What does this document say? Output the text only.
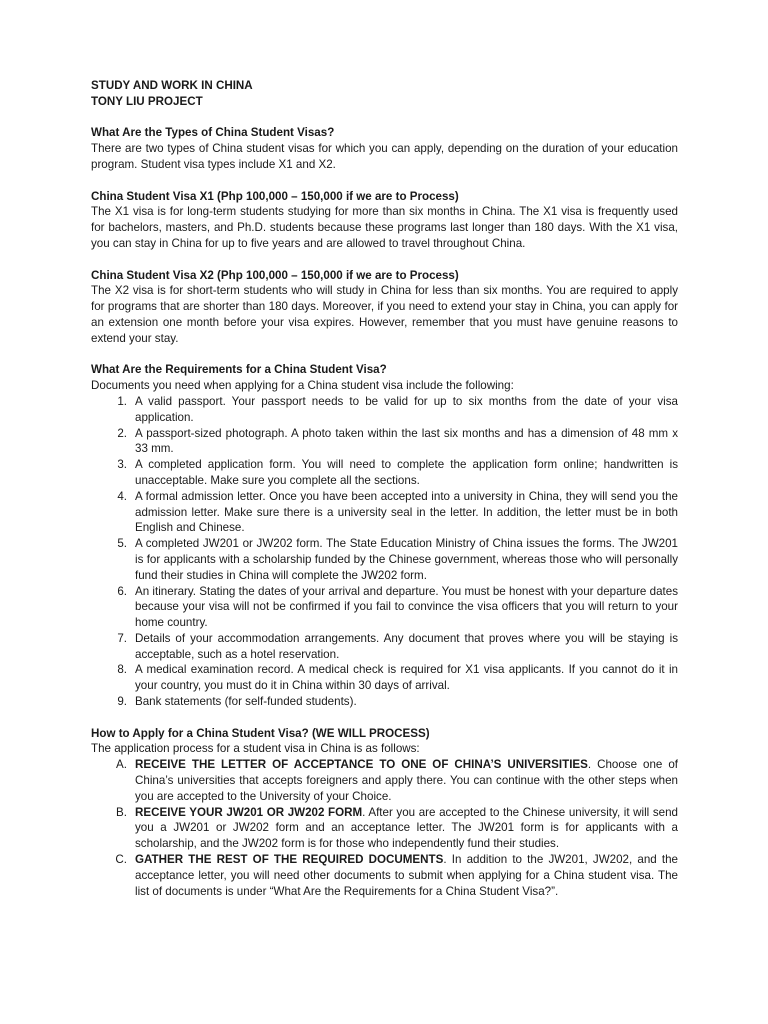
STUDY AND WORK IN CHINA
TONY LIU PROJECT
What Are the Types of China Student Visas?

There are two types of China student visas for which you can apply, depending on the duration of your education program. Student visa types include X1 and X2.

China Student Visa X1 (Php 100,000 – 150,000 if we are to Process)

The X1 visa is for long-term students studying for more than six months in China. The X1 visa is frequently used for bachelors, masters, and Ph.D. students because these programs last longer than 180 days. With the X1 visa, you can stay in China for up to five years and are allowed to travel throughout China.

China Student Visa X2 (Php 100,000 – 150,000 if we are to Process)

The X2 visa is for short-term students who will study in China for less than six months. You are required to apply for programs that are shorter than 180 days. Moreover, if you need to extend your stay in China, you can apply for an extension one month before your visa expires. However, remember that you must have genuine reasons to extend your stay.

What Are the Requirements for a China Student Visa?

Documents you need when applying for a China student visa include the following:

1. A valid passport. Your passport needs to be valid for up to six months from the date of your visa application.
2. A passport-sized photograph. A photo taken within the last six months and has a dimension of 48 mm x 33 mm.
3. A completed application form. You will need to complete the application form online; handwritten is unacceptable. Make sure you complete all the sections.
4. A formal admission letter. Once you have been accepted into a university in China, they will send you the admission letter. Make sure there is a university seal in the letter. In addition, the letter must be in both English and Chinese.
5. A completed JW201 or JW202 form. The State Education Ministry of China issues the forms. The JW201 is for applicants with a scholarship funded by the Chinese government, whereas those who will personally fund their studies in China will complete the JW202 form.
6. An itinerary. Stating the dates of your arrival and departure. You must be honest with your departure dates because your visa will not be confirmed if you fail to convince the visa officers that you will return to your home country.
7. Details of your accommodation arrangements. Any document that proves where you will be staying is acceptable, such as a hotel reservation.
8. A medical examination record. A medical check is required for X1 visa applicants. If you cannot do it in your country, you must do it in China within 30 days of arrival.
9. Bank statements (for self-funded students).
How to Apply for a China Student Visa? (WE WILL PROCESS)

The application process for a student visa in China is as follows:

A. RECEIVE THE LETTER OF ACCEPTANCE TO ONE OF CHINA’S UNIVERSITIES. Choose one of China’s universities that accepts foreigners and apply there. You can continue with the other steps when you are accepted to the University of your Choice.
B. RECEIVE YOUR JW201 OR JW202 FORM. After you are accepted to the Chinese university, it will send you a JW201 or JW202 form and an acceptance letter. The JW201 form is for applicants with a scholarship, and the JW202 form is for those who independently fund their studies.
C. GATHER THE REST OF THE REQUIRED DOCUMENTS. In addition to the JW201, JW202, and the acceptance letter, you will need other documents to submit when applying for a China student visa. The list of documents is under “What Are the Requirements for a China Student Visa?”.
